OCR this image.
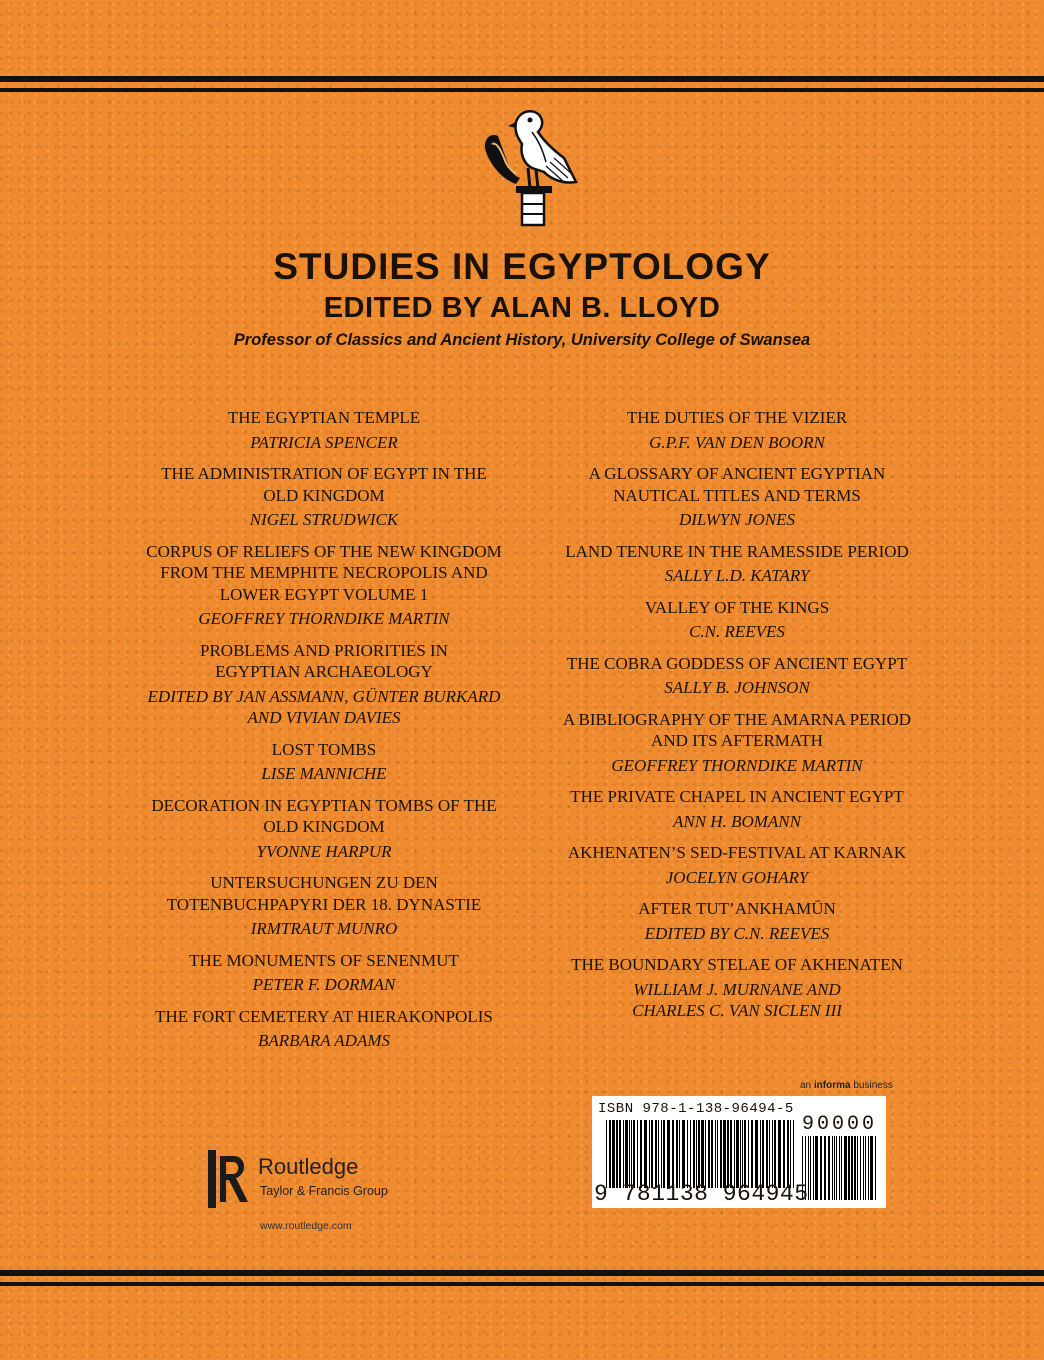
STUDIES IN EGYPTOLOGY
EDITED BY ALAN B. LLOYD
Professor of Classics and Ancient History, University College of Swansea
THE EGYPTIAN TEMPLE
PATRICIA SPENCER
THE ADMINISTRATION OF EGYPT IN THE
OLD KINGDOM
NIGEL STRUDWICK
CORPUS OF RELIEFS OF THE NEW KINGDOM
FROM THE MEMPHITE NECROPOLIS AND
LOWER EGYPT VOLUME 1
GEOFFREY THORNDIKE MARTIN
PROBLEMS AND PRIORITIES IN
EGYPTIAN ARCHAEOLOGY
EDITED BY JAN ASSMANN, GÜNTER BURKARD
AND VIVIAN DAVIES
LOST TOMBS
LISE MANNICHE
DECORATION IN EGYPTIAN TOMBS OF THE
OLD KINGDOM
YVONNE HARPUR
UNTERSUCHUNGEN ZU DEN
TOTENBUCHPAPYRI DER 18. DYNASTIE
IRMTRAUT MUNRO
THE MONUMENTS OF SENENMUT
PETER F. DORMAN
THE FORT CEMETERY AT HIERAKONPOLIS
BARBARA ADAMS
THE DUTIES OF THE VIZIER
G.P.F. VAN DEN BOORN
A GLOSSARY OF ANCIENT EGYPTIAN
NAUTICAL TITLES AND TERMS
DILWYN JONES
LAND TENURE IN THE RAMESSIDE PERIOD
SALLY L.D. KATARY
VALLEY OF THE KINGS
C.N. REEVES
THE COBRA GODDESS OF ANCIENT EGYPT
SALLY B. JOHNSON
A BIBLIOGRAPHY OF THE AMARNA PERIOD
AND ITS AFTERMATH
GEOFFREY THORNDIKE MARTIN
THE PRIVATE CHAPEL IN ANCIENT EGYPT
ANN H. BOMANN
AKHENATEN’S SED-FESTIVAL AT KARNAK
JOCELYN GOHARY
AFTER TUT’ANKHAMŪN
EDITED BY C.N. REEVES
THE BOUNDARY STELAE OF AKHENATEN
WILLIAM J. MURNANE AND
CHARLES C. VAN SICLEN III
an informa business
ISBN 978-1-138-96494-5
90000
9 781138 964945
Routledge
Taylor & Francis Group
www.routledge.com
